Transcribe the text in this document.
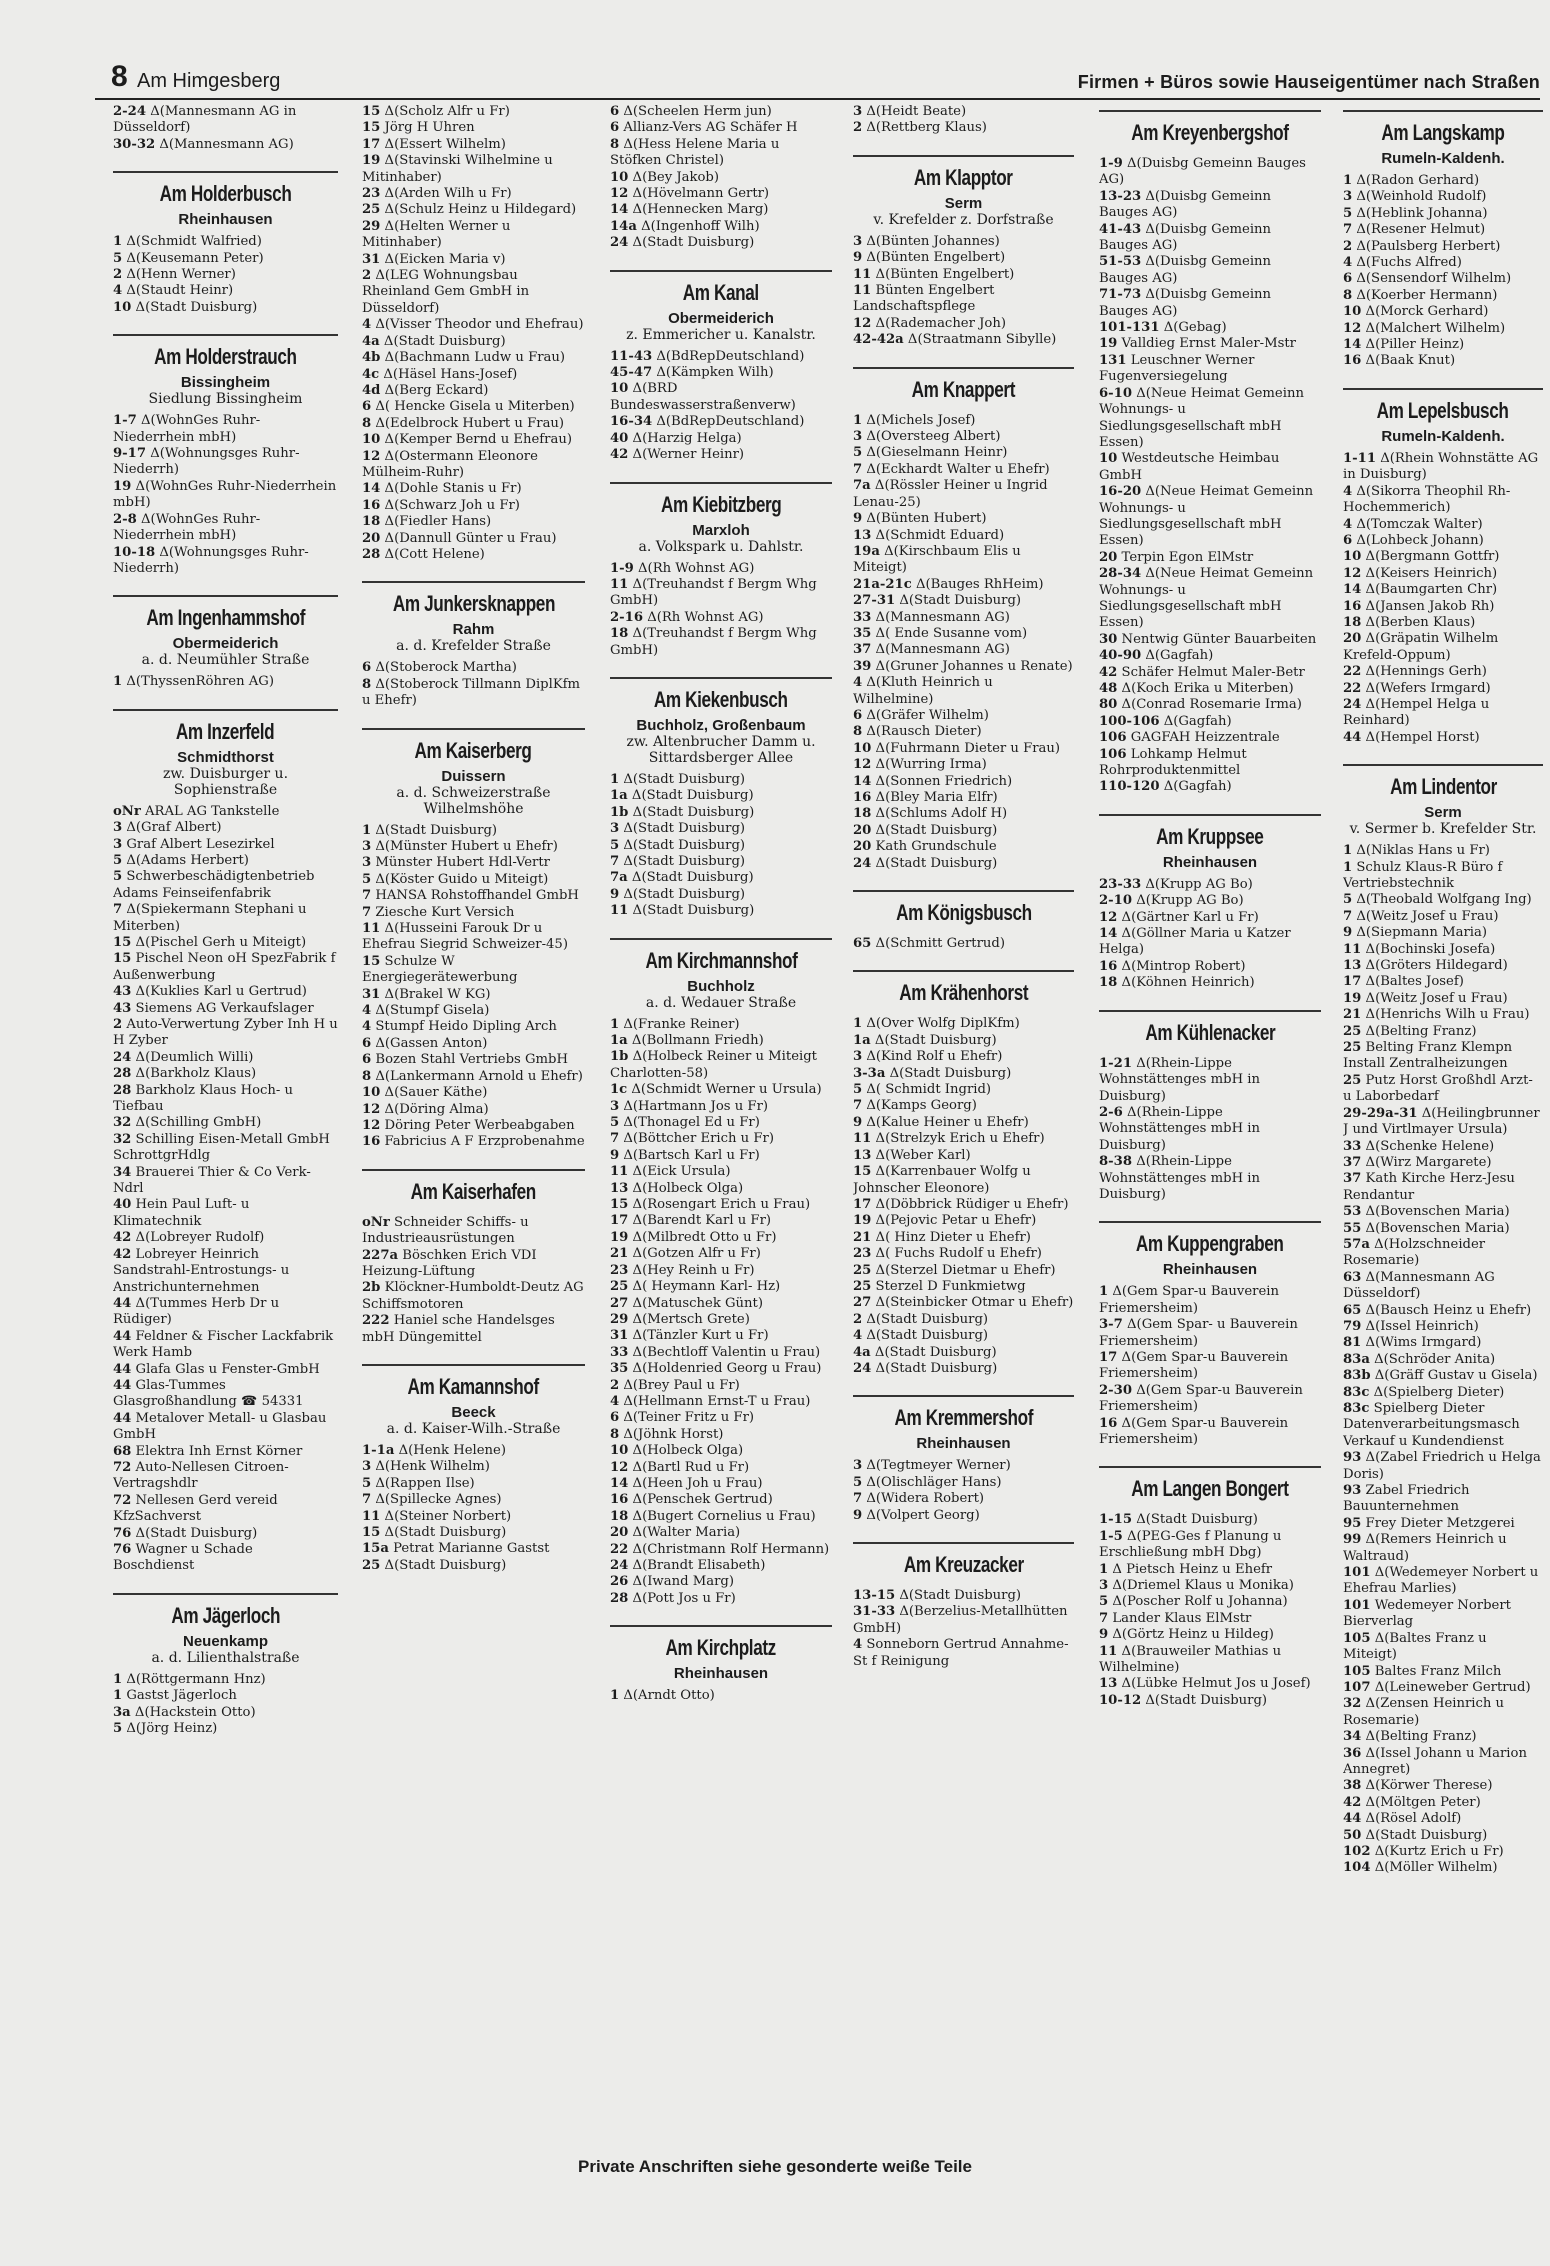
8 Am Himgesberg	Firmen + Büros sowie Hauseigentümer nach Straßen
2-24 Δ(Mannesmann AG in Düsseldorf)
30-32 Δ(Mannesmann AG)
Am Holderbusch
Rheinhausen
1 Δ(Schmidt Walfried)
5 Δ(Keusemann Peter)
2 Δ(Henn Werner)
4 Δ(Staudt Heinr)
10 Δ(Stadt Duisburg)
Am Holderstrauch
Bissingheim
Siedlung Bissingheim
1-7 Δ(WohnGes Ruhr-Niederrhein mbH)
9-17 Δ(Wohnungsges Ruhr-Niederrh)
19 Δ(WohnGes Ruhr-Niederrhein mbH)
2-8 Δ(WohnGes Ruhr-Niederrhein mbH)
10-18 Δ(Wohnungsges Ruhr-Niederrh)
Am Ingenhammshof
Obermeiderich
a. d. Neumühler Straße
1 Δ(ThyssenRöhren AG)
Am Inzerfeld
Schmidthorst
zw. Duisburger u.
Sophienstraße
oNr ARAL AG Tankstelle
3 Δ(Graf Albert)
3 Graf Albert Lesezirkel
5 Δ(Adams Herbert)
5 Schwerbeschädigtenbetrieb Adams Feinseifenfabrik
7 Δ(Spiekermann Stephani u Miterben)
15 Δ(Pischel Gerh u Miteigt)
15 Pischel Neon oH SpezFabrik f Außenwerbung
43 Δ(Kuklies Karl u Gertrud)
43 Siemens AG Verkaufslager
2 Auto-Verwertung Zyber Inh H u H Zyber
24 Δ(Deumlich Willi)
28 Δ(Barkholz Klaus)
28 Barkholz Klaus Hoch- u Tiefbau
32 Δ(Schilling GmbH)
32 Schilling Eisen-Metall GmbH SchrottgrHdlg
34 Brauerei Thier & Co Verk-Ndrl
40 Hein Paul Luft- u Klimatechnik
42 Δ(Lobreyer Rudolf)
42 Lobreyer Heinrich Sandstrahl-Entrostungs- u Anstrichunternehmen
44 Δ(Tummes Herb Dr u Rüdiger)
44 Feldner & Fischer Lackfabrik Werk Hamb
44 Glafa Glas u Fenster-GmbH
44 Glas-Tummes Glasgroßhandlung ☎ 54331
44 Metalover Metall- u Glasbau GmbH
68 Elektra Inh Ernst Körner
72 Auto-Nellesen Citroen-Vertragshdlr
72 Nellesen Gerd vereid KfzSachverst
76 Δ(Stadt Duisburg)
76 Wagner u Schade Boschdienst
Am Jägerloch
Neuenkamp
a. d. Lilienthalstraße
1 Δ(Röttgermann Hnz)
1 Gastst Jägerloch
3a Δ(Hackstein Otto)
5 Δ(Jörg Heinz)
15 Δ(Scholz Alfr u Fr)
15 Jörg H Uhren
17 Δ(Essert Wilhelm)
19 Δ(Stavinski Wilhelmine u Mitinhaber)
23 Δ(Arden Wilh u Fr)
25 Δ(Schulz Heinz u Hildegard)
29 Δ(Helten Werner u Mitinhaber)
31 Δ(Eicken Maria v)
2 Δ(LEG Wohnungsbau Rheinland Gem GmbH in Düsseldorf)
4 Δ(Visser Theodor und Ehefrau)
4a Δ(Stadt Duisburg)
4b Δ(Bachmann Ludw u Frau)
4c Δ(Häsel Hans-Josef)
4d Δ(Berg Eckard)
6 Δ( Hencke Gisela u Miterben)
8 Δ(Edelbrock Hubert u Frau)
10 Δ(Kemper Bernd u Ehefrau)
12 Δ(Ostermann Eleonore Mülheim-Ruhr)
14 Δ(Dohle Stanis u Fr)
16 Δ(Schwarz Joh u Fr)
18 Δ(Fiedler Hans)
20 Δ(Dannull Günter u Frau)
28 Δ(Cott Helene)
Am Junkersknappen
Rahm
a. d. Krefelder Straße
6 Δ(Stoberock Martha)
8 Δ(Stoberock Tillmann DiplKfm u Ehefr)
Am Kaiserberg
Duissern
a. d. Schweizerstraße
Wilhelmshöhe
1 Δ(Stadt Duisburg)
3 Δ(Münster Hubert u Ehefr)
3 Münster Hubert Hdl-Vertr
5 Δ(Köster Guido u Miteigt)
7 HANSA Rohstoffhandel GmbH
7 Ziesche Kurt Versich
11 Δ(Husseini Farouk Dr u Ehefrau Siegrid Schweizer-45)
15 Schulze W Energiegerätewerbung
31 Δ(Brakel W KG)
4 Δ(Stumpf Gisela)
4 Stumpf Heido Dipling Arch
6 Δ(Gassen Anton)
6 Bozen Stahl Vertriebs GmbH
8 Δ(Lankermann Arnold u Ehefr)
10 Δ(Sauer Käthe)
12 Δ(Döring Alma)
12 Döring Peter Werbeabgaben
16 Fabricius A F Erzprobenahme
Am Kaiserhafen
oNr Schneider Schiffs- u Industrieausrüstungen
227a Böschken Erich VDI Heizung-Lüftung
2b Klöckner-Humboldt-Deutz AG Schiffsmotoren
222 Haniel sche Handelsges mbH Düngemittel
Am Kamannshof
Beeck
a. d. Kaiser-Wilh.-Straße
1-1a Δ(Henk Helene)
3 Δ(Henk Wilhelm)
5 Δ(Rappen Ilse)
7 Δ(Spillecke Agnes)
11 Δ(Steiner Norbert)
15 Δ(Stadt Duisburg)
15a Petrat Marianne Gastst
25 Δ(Stadt Duisburg)
6 Δ(Scheelen Herm jun)
6 Allianz-Vers AG Schäfer H
8 Δ(Hess Helene Maria u Stöfken Christel)
10 Δ(Bey Jakob)
12 Δ(Hövelmann Gertr)
14 Δ(Hennecken Marg)
14a Δ(Ingenhoff Wilh)
24 Δ(Stadt Duisburg)
Am Kanal
Obermeiderich
z. Emmericher u. Kanalstr.
11-43 Δ(BdRepDeutschland)
45-47 Δ(Kämpken Wilh)
10 Δ(BRD Bundeswasserstraßenverw)
16-34 Δ(BdRepDeutschland)
40 Δ(Harzig Helga)
42 Δ(Werner Heinr)
Am Kiebitzberg
Marxloh
a. Volkspark u. Dahlstr.
1-9 Δ(Rh Wohnst AG)
11 Δ(Treuhandst f Bergm Whg GmbH)
2-16 Δ(Rh Wohnst AG)
18 Δ(Treuhandst f Bergm Whg GmbH)
Am Kiekenbusch
Buchholz, Großenbaum
zw. Altenbrucher Damm u.
Sittardsberger Allee
1 Δ(Stadt Duisburg)
1a Δ(Stadt Duisburg)
1b Δ(Stadt Duisburg)
3 Δ(Stadt Duisburg)
5 Δ(Stadt Duisburg)
7 Δ(Stadt Duisburg)
7a Δ(Stadt Duisburg)
9 Δ(Stadt Duisburg)
11 Δ(Stadt Duisburg)
Am Kirchmannshof
Buchholz
a. d. Wedauer Straße
1 Δ(Franke Reiner)
1a Δ(Bollmann Friedh)
1b Δ(Holbeck Reiner u Miteigt Charlotten-58)
1c Δ(Schmidt Werner u Ursula)
3 Δ(Hartmann Jos u Fr)
5 Δ(Thonagel Ed u Fr)
7 Δ(Böttcher Erich u Fr)
9 Δ(Bartsch Karl u Fr)
11 Δ(Eick Ursula)
13 Δ(Holbeck Olga)
15 Δ(Rosengart Erich u Frau)
17 Δ(Barendt Karl u Fr)
19 Δ(Milbredt Otto u Fr)
21 Δ(Gotzen Alfr u Fr)
23 Δ(Hey Reinh u Fr)
25 Δ( Heymann Karl- Hz)
27 Δ(Matuschek Günt)
29 Δ(Mertsch Grete)
31 Δ(Tänzler Kurt u Fr)
33 Δ(Bechtloff Valentin u Frau)
35 Δ(Holdenried Georg u Frau)
2 Δ(Brey Paul u Fr)
4 Δ(Hellmann Ernst-T u Frau)
6 Δ(Teiner Fritz u Fr)
8 Δ(Jöhnk Horst)
10 Δ(Holbeck Olga)
12 Δ(Bartl Rud u Fr)
14 Δ(Heen Joh u Frau)
16 Δ(Penschek Gertrud)
18 Δ(Bugert Cornelius u Frau)
20 Δ(Walter Maria)
22 Δ(Christmann Rolf Hermann)
24 Δ(Brandt Elisabeth)
26 Δ(Iwand Marg)
28 Δ(Pott Jos u Fr)
Am Kirchplatz
Rheinhausen
1 Δ(Arndt Otto)
3 Δ(Heidt Beate)
2 Δ(Rettberg Klaus)
Am Klapptor
Serm
v. Krefelder z. Dorfstraße
3 Δ(Bünten Johannes)
9 Δ(Bünten Engelbert)
11 Δ(Bünten Engelbert)
11 Bünten Engelbert Landschaftspflege
12 Δ(Rademacher Joh)
42-42a Δ(Straatmann Sibylle)
Am Knappert
1 Δ(Michels Josef)
3 Δ(Oversteeg Albert)
5 Δ(Gieselmann Heinr)
7 Δ(Eckhardt Walter u Ehefr)
7a Δ(Rössler Heiner u Ingrid Lenau-25)
9 Δ(Bünten Hubert)
13 Δ(Schmidt Eduard)
19a Δ(Kirschbaum Elis u Miteigt)
21a-21c Δ(Bauges RhHeim)
27-31 Δ(Stadt Duisburg)
33 Δ(Mannesmann AG)
35 Δ( Ende Susanne vom)
37 Δ(Mannesmann AG)
39 Δ(Gruner Johannes u Renate)
4 Δ(Kluth Heinrich u Wilhelmine)
6 Δ(Gräfer Wilhelm)
8 Δ(Rausch Dieter)
10 Δ(Fuhrmann Dieter u Frau)
12 Δ(Wurring Irma)
14 Δ(Sonnen Friedrich)
16 Δ(Bley Maria Elfr)
18 Δ(Schlums Adolf H)
20 Δ(Stadt Duisburg)
20 Kath Grundschule
24 Δ(Stadt Duisburg)
Am Königsbusch
65 Δ(Schmitt Gertrud)
Am Krähenhorst
1 Δ(Over Wolfg DiplKfm)
1a Δ(Stadt Duisburg)
3 Δ(Kind Rolf u Ehefr)
3-3a Δ(Stadt Duisburg)
5 Δ( Schmidt Ingrid)
7 Δ(Kamps Georg)
9 Δ(Kalue Heiner u Ehefr)
11 Δ(Strelzyk Erich u Ehefr)
13 Δ(Weber Karl)
15 Δ(Karrenbauer Wolfg u Johnscher Eleonore)
17 Δ(Döbbrick Rüdiger u Ehefr)
19 Δ(Pejovic Petar u Ehefr)
21 Δ( Hinz Dieter u Ehefr)
23 Δ( Fuchs Rudolf u Ehefr)
25 Δ(Sterzel Dietmar u Ehefr)
25 Sterzel D Funkmietwg
27 Δ(Steinbicker Otmar u Ehefr)
2 Δ(Stadt Duisburg)
4 Δ(Stadt Duisburg)
4a Δ(Stadt Duisburg)
24 Δ(Stadt Duisburg)
Am Kremmershof
Rheinhausen
3 Δ(Tegtmeyer Werner)
5 Δ(Olischläger Hans)
7 Δ(Widera Robert)
9 Δ(Volpert Georg)
Am Kreuzacker
13-15 Δ(Stadt Duisburg)
31-33 Δ(Berzelius-Metallhütten GmbH)
4 Sonneborn Gertrud Annahme-St f Reinigung
Am Kreyenbergshof
1-9 Δ(Duisbg Gemeinn Bauges AG)
13-23 Δ(Duisbg Gemeinn Bauges AG)
41-43 Δ(Duisbg Gemeinn Bauges AG)
51-53 Δ(Duisbg Gemeinn Bauges AG)
71-73 Δ(Duisbg Gemeinn Bauges AG)
101-131 Δ(Gebag)
19 Valldieg Ernst Maler-Mstr
131 Leuschner Werner Fugenversiegelung
6-10 Δ(Neue Heimat Gemeinn Wohnungs- u Siedlungsgesellschaft mbH Essen)
10 Westdeutsche Heimbau GmbH
16-20 Δ(Neue Heimat Gemeinn Wohnungs- u Siedlungsgesellschaft mbH Essen)
20 Terpin Egon ElMstr
28-34 Δ(Neue Heimat Gemeinn Wohnungs- u Siedlungsgesellschaft mbH Essen)
30 Nentwig Günter Bauarbeiten
40-90 Δ(Gagfah)
42 Schäfer Helmut Maler-Betr
48 Δ(Koch Erika u Miterben)
80 Δ(Conrad Rosemarie Irma)
100-106 Δ(Gagfah)
106 GAGFAH Heizzentrale
106 Lohkamp Helmut Rohrproduktenmittel
110-120 Δ(Gagfah)
Am Kruppsee
Rheinhausen
23-33 Δ(Krupp AG Bo)
2-10 Δ(Krupp AG Bo)
12 Δ(Gärtner Karl u Fr)
14 Δ(Göllner Maria u Katzer Helga)
16 Δ(Mintrop Robert)
18 Δ(Köhnen Heinrich)
Am Kühlenacker
1-21 Δ(Rhein-Lippe Wohnstättenges mbH in Duisburg)
2-6 Δ(Rhein-Lippe Wohnstättenges mbH in Duisburg)
8-38 Δ(Rhein-Lippe Wohnstättenges mbH in Duisburg)
Am Kuppengraben
Rheinhausen
1 Δ(Gem Spar-u Bauverein Friemersheim)
3-7 Δ(Gem Spar- u Bauverein Friemersheim)
17 Δ(Gem Spar-u Bauverein Friemersheim)
2-30 Δ(Gem Spar-u Bauverein Friemersheim)
16 Δ(Gem Spar-u Bauverein Friemersheim)
Am Langen Bongert
1-15 Δ(Stadt Duisburg)
1-5 Δ(PEG-Ges f Planung u Erschließung mbH Dbg)
1 Δ Pietsch Heinz u Ehefr
3 Δ(Driemel Klaus u Monika)
5 Δ(Poscher Rolf u Johanna)
7 Lander Klaus ElMstr
9 Δ(Görtz Heinz u Hildeg)
11 Δ(Brauweiler Mathias u Wilhelmine)
13 Δ(Lübke Helmut Jos u Josef)
10-12 Δ(Stadt Duisburg)
Am Langskamp
Rumeln-Kaldenh.
1 Δ(Radon Gerhard)
3 Δ(Weinhold Rudolf)
5 Δ(Heblink Johanna)
7 Δ(Resener Helmut)
2 Δ(Paulsberg Herbert)
4 Δ(Fuchs Alfred)
6 Δ(Sensendorf Wilhelm)
8 Δ(Koerber Hermann)
10 Δ(Morck Gerhard)
12 Δ(Malchert Wilhelm)
14 Δ(Piller Heinz)
16 Δ(Baak Knut)
Am Lepelsbusch
Rumeln-Kaldenh.
1-11 Δ(Rhein Wohnstätte AG in Duisburg)
4 Δ(Sikorra Theophil Rh-Hochemmerich)
4 Δ(Tomczak Walter)
6 Δ(Lohbeck Johann)
10 Δ(Bergmann Gottfr)
12 Δ(Keisers Heinrich)
14 Δ(Baumgarten Chr)
16 Δ(Jansen Jakob Rh)
18 Δ(Berben Klaus)
20 Δ(Gräpatin Wilhelm Krefeld-Oppum)
22 Δ(Hennings Gerh)
22 Δ(Wefers Irmgard)
24 Δ(Hempel Helga u Reinhard)
44 Δ(Hempel Horst)
Am Lindentor
Serm
v. Sermer b. Krefelder Str.
1 Δ(Niklas Hans u Fr)
1 Schulz Klaus-R Büro f Vertriebstechnik
5 Δ(Theobald Wolfgang Ing)
7 Δ(Weitz Josef u Frau)
9 Δ(Siepmann Maria)
11 Δ(Bochinski Josefa)
13 Δ(Gröters Hildegard)
17 Δ(Baltes Josef)
19 Δ(Weitz Josef u Frau)
21 Δ(Henrichs Wilh u Frau)
25 Δ(Belting Franz)
25 Belting Franz Klempn Install Zentralheizungen
25 Putz Horst Großhdl Arzt- u Laborbedarf
29-29a-31 Δ(Heilingbrunner J und Virtlmayer Ursula)
33 Δ(Schenke Helene)
37 Δ(Wirz Margarete)
37 Kath Kirche Herz-Jesu Rendantur
53 Δ(Bovenschen Maria)
55 Δ(Bovenschen Maria)
57a Δ(Holzschneider Rosemarie)
63 Δ(Mannesmann AG Düsseldorf)
65 Δ(Bausch Heinz u Ehefr)
79 Δ(Issel Heinrich)
81 Δ(Wims Irmgard)
83a Δ(Schröder Anita)
83b Δ(Gräff Gustav u Gisela)
83c Δ(Spielberg Dieter)
83c Spielberg Dieter Datenverarbeitungsmasch Verkauf u Kundendienst
93 Δ(Zabel Friedrich u Helga Doris)
93 Zabel Friedrich Bauunternehmen
95 Frey Dieter Metzgerei
99 Δ(Remers Heinrich u Waltraud)
101 Δ(Wedemeyer Norbert u Ehefrau Marlies)
101 Wedemeyer Norbert Bierverlag
105 Δ(Baltes Franz u Miteigt)
105 Baltes Franz Milch
107 Δ(Leineweber Gertrud)
32 Δ(Zensen Heinrich u Rosemarie)
34 Δ(Belting Franz)
36 Δ(Issel Johann u Marion Annegret)
38 Δ(Körwer Therese)
42 Δ(Möltgen Peter)
44 Δ(Rösel Adolf)
50 Δ(Stadt Duisburg)
102 Δ(Kurtz Erich u Fr)
104 Δ(Möller Wilhelm)
Private Anschriften siehe gesonderte weiße Teile
